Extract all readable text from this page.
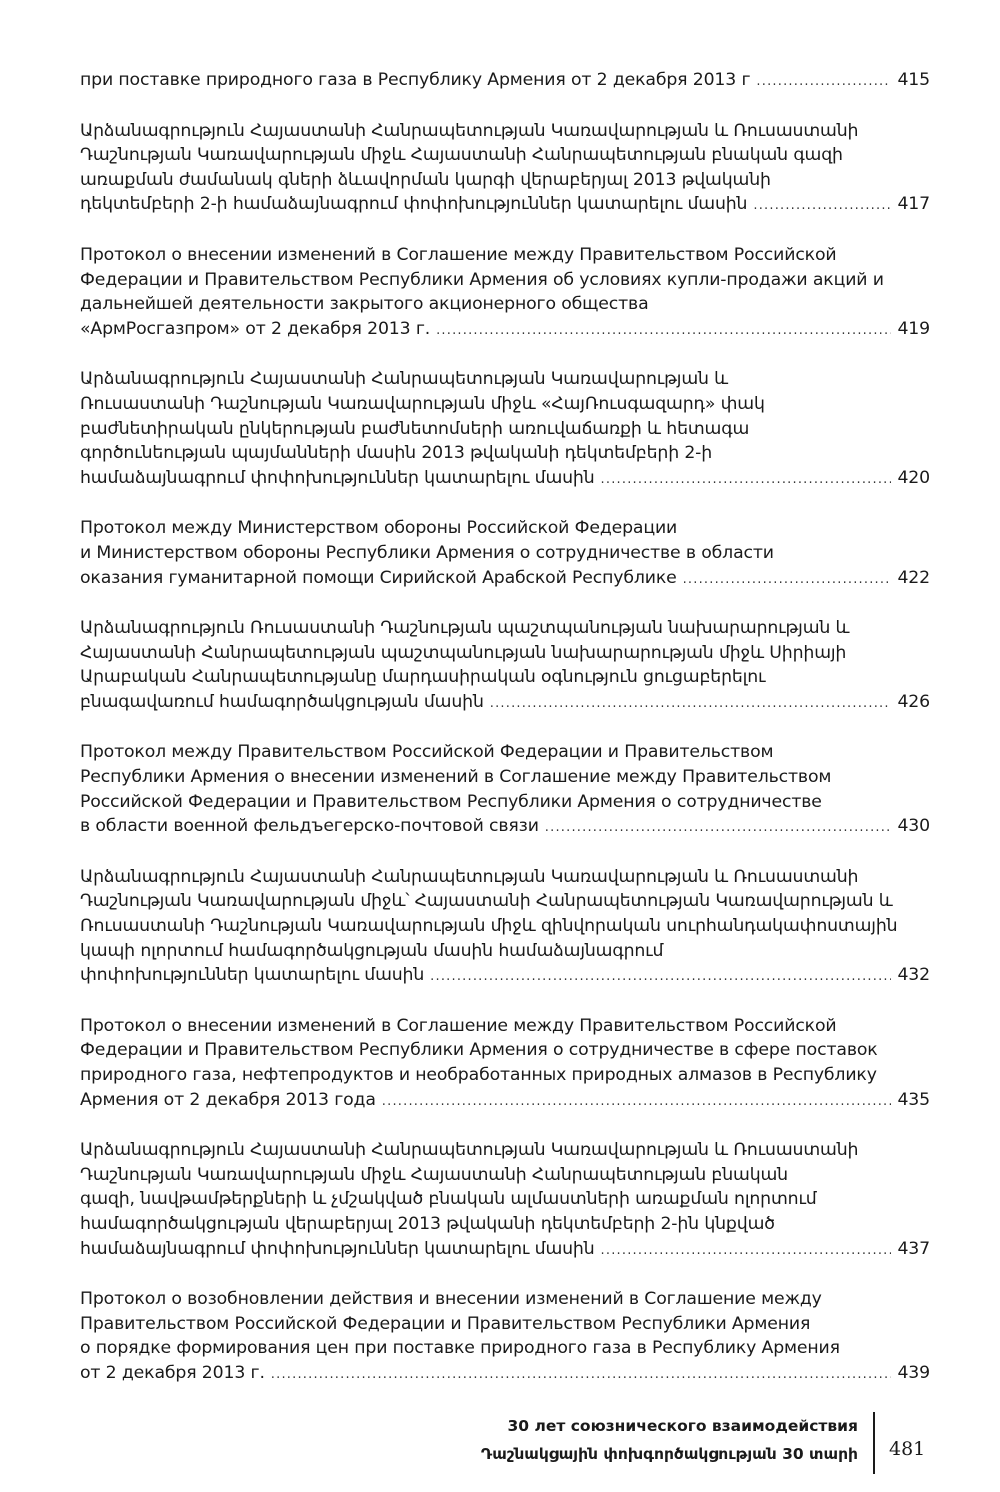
при поставке природного газа в Республику Армения от 2 декабря 2013 г .....	415
Արձանագրություն Հայաստանի Հանրապետության Կառավարության և Ռուսաստանի
Դաշնության Կառավարության միջև Հայաստանի Հանրապետության բնական գազի
առաքման ժամանակ գների ձևավորման կարգի վերաբերյալ 2013 թվականի
դեկտեմբերի 2-ի համաձայնագրում փոփոխություններ կատարելու մասին .....	417
Протокол о внесении изменений в Соглашение между Правительством Российской
Федерации и Правительством Республики Армения об условиях купли-продажи акций и
дальнейшей деятельности закрытого акционерного общества
«АрмРосгазпром» от 2 декабря 2013 г. .....	419
Արձանագրություն Հայաստանի Հանրապետության Կառավարության և
Ռուսաստանի Դաշնության Կառավարության միջև «ՀայՌուսգազարդ» փակ
բաժնետիրական ընկերության բաժնետոմսերի առուվաճառքի և հետագա
գործունեության պայմանների մասին 2013 թվականի դեկտեմբերի 2-ի
համաձայնագրում փոփոխություններ կատարելու մասին .....	420
Протокол между Министерством обороны Российской Федерации
и Министерством обороны Республики Армения о сотрудничестве в области
оказания гуманитарной помощи Сирийской Арабской Республике .....	422
Արձանագրություն Ռուսաստանի Դաշնության պաշտպանության նախարարության և
Հայաստանի Հանրապետության պաշտպանության նախարարության միջև Սիրիայի
Արաբական Հանրապետությանը մարդասիրական օգնություն ցուցաբերելու
բնագավառում համագործակցության մասին .....	426
Протокол между Правительством Российской Федерации и Правительством
Республики Армения о внесении изменений в Соглашение между Правительством
Российской Федерации и Правительством Республики Армения о сотрудничестве
в области военной фельдъегерско-почтовой связи .....	430
Արձանագրություն Հայաստանի Հանրապետության Կառավարության և Ռուսաստանի
Դաշնության Կառավարության միջև՝ Հայաստանի Հանրապետության Կառավարության և
Ռուսաստանի Դաշնության Կառավարության միջև զինվորական սուրհանդակափոստային
կապի ոլորտում համագործակցության մասին համաձայնագրում
փոփոխություններ կատարելու մասին .....	432
Протокол о внесении изменений в Соглашение между Правительством Российской
Федерации и Правительством Республики Армения о сотрудничестве в сфере поставок
природного газа, нефтепродуктов и необработанных природных алмазов в Республику
Армения от 2 декабря 2013 года .....	435
Արձանագրություն Հայաստանի Հանրապետության Կառավարության և Ռուսաստանի
Դաշնության Կառավարության միջև Հայաստանի Հանրապետության բնական
գազի, նավթամթերքների և չմշակված բնական ալմաստների առաքման ոլորտում
համագործակցության վերաբերյալ 2013 թվականի դեկտեմբերի 2-ին կնքված
համաձայնագրում փոփոխություններ կատարելու մասին .....	437
Протокол о возобновлении действия и внесении изменений в Соглашение между
Правительством Российской Федерации и Правительством Республики Армения
о порядке формирования цен при поставке природного газа в Республику Армения
от 2 декабря 2013 г. .....	439
30 лет союзнического взаимодействия
Դաշնակցային փոխգործակցության 30 տարի 481
